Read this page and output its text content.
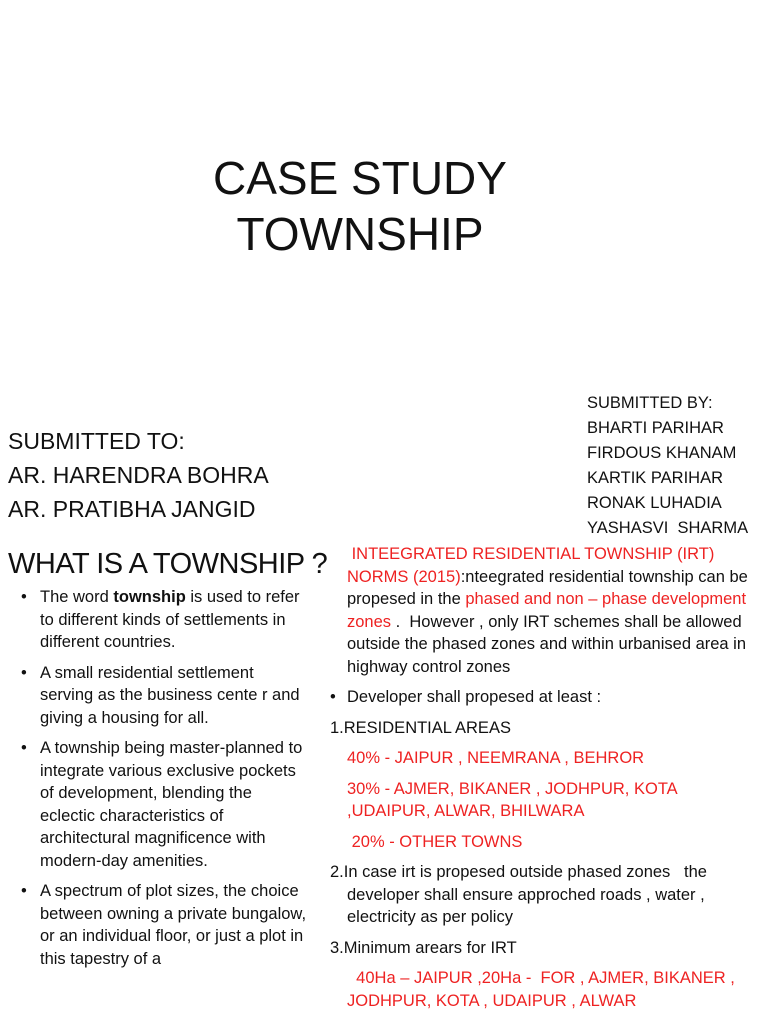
CASE STUDY
TOWNSHIP
SUBMITTED TO:
AR. HARENDRA BOHRA
AR. PRATIBHA JANGID
SUBMITTED BY:
BHARTI PARIHAR
FIRDOUS KHANAM
KARTIK PARIHAR
RONAK LUHADIA
YASHASVI  SHARMA
WHAT IS A TOWNSHIP ?
• The word township is used to refer to different kinds of settlements in different countries.
• A small residential settlement  serving as the business cente r and giving a housing for all.
• A township being master-planned to integrate various exclusive pockets of development, blending the eclectic characteristics of architectural magnificence with modern-day amenities.
• A spectrum of plot sizes, the choice between owning a private bungalow, or an individual floor, or just a plot in this tapestry of a
INTEEGRATED RESIDENTIAL TOWNSHIP (IRT) NORMS (2015):nteegrated residential township can be propesed in the phased and non – phase development zones .  However , only IRT schemes shall be allowed outside the phased zones and within urbanised area in highway control zones
• Developer shall propesed at least :
1.RESIDENTIAL AREAS
40% - JAIPUR , NEEMRANA , BEHROR
30% - AJMER, BIKANER , JODHPUR, KOTA ,UDAIPUR, ALWAR, BHILWARA
20% - OTHER TOWNS
2.In case irt is propesed outside phased zones   the developer shall ensure approched roads , water , electricity as per policy
3.Minimum arears for IRT
40Ha – JAIPUR ,20Ha -  FOR , AJMER, BIKANER , JODHPUR, KOTA , UDAIPUR , ALWAR
